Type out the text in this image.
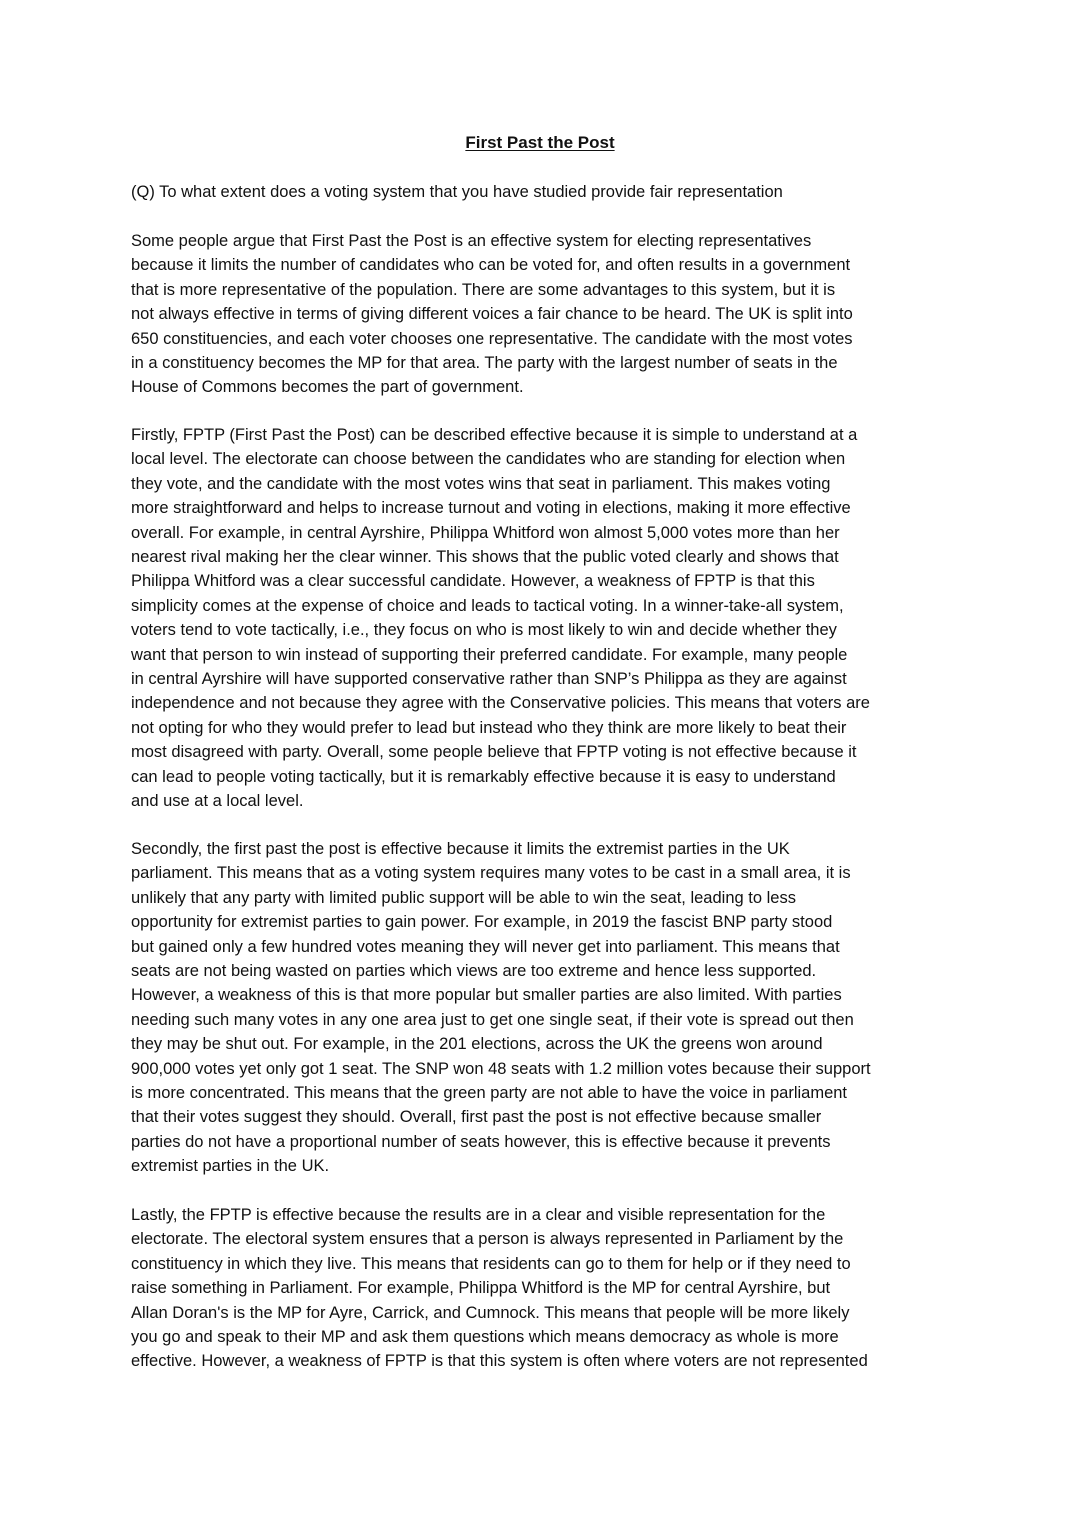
First Past the Post

(Q) To what extent does a voting system that you have studied provide fair representation

Some people argue that First Past the Post is an effective system for electing representatives
because it limits the number of candidates who can be voted for, and often results in a government
that is more representative of the population. There are some advantages to this system, but it is
not always effective in terms of giving different voices a fair chance to be heard. The UK is split into
650 constituencies, and each voter chooses one representative. The candidate with the most votes
in a constituency becomes the MP for that area. The party with the largest number of seats in the
House of Commons becomes the part of government.

Firstly, FPTP (First Past the Post) can be described effective because it is simple to understand at a
local level. The electorate can choose between the candidates who are standing for election when
they vote, and the candidate with the most votes wins that seat in parliament. This makes voting
more straightforward and helps to increase turnout and voting in elections, making it more effective
overall. For example, in central Ayrshire, Philippa Whitford won almost 5,000 votes more than her
nearest rival making her the clear winner. This shows that the public voted clearly and shows that
Philippa Whitford was a clear successful candidate. However, a weakness of FPTP is that this
simplicity comes at the expense of choice and leads to tactical voting. In a winner-take-all system,
voters tend to vote tactically, i.e., they focus on who is most likely to win and decide whether they
want that person to win instead of supporting their preferred candidate. For example, many people
in central Ayrshire will have supported conservative rather than SNP’s Philippa as they are against
independence and not because they agree with the Conservative policies. This means that voters are
not opting for who they would prefer to lead but instead who they think are more likely to beat their
most disagreed with party. Overall, some people believe that FPTP voting is not effective because it
can lead to people voting tactically, but it is remarkably effective because it is easy to understand
and use at a local level.

Secondly, the first past the post is effective because it limits the extremist parties in the UK
parliament. This means that as a voting system requires many votes to be cast in a small area, it is
unlikely that any party with limited public support will be able to win the seat, leading to less
opportunity for extremist parties to gain power. For example, in 2019 the fascist BNP party stood
but gained only a few hundred votes meaning they will never get into parliament. This means that
seats are not being wasted on parties which views are too extreme and hence less supported.
However, a weakness of this is that more popular but smaller parties are also limited. With parties
needing such many votes in any one area just to get one single seat, if their vote is spread out then
they may be shut out. For example, in the 201 elections, across the UK the greens won around
900,000 votes yet only got 1 seat. The SNP won 48 seats with 1.2 million votes because their support
is more concentrated. This means that the green party are not able to have the voice in parliament
that their votes suggest they should. Overall, first past the post is not effective because smaller
parties do not have a proportional number of seats however, this is effective because it prevents
extremist parties in the UK.

Lastly, the FPTP is effective because the results are in a clear and visible representation for the
electorate. The electoral system ensures that a person is always represented in Parliament by the
constituency in which they live. This means that residents can go to them for help or if they need to
raise something in Parliament. For example, Philippa Whitford is the MP for central Ayrshire, but
Allan Doran's is the MP for Ayre, Carrick, and Cumnock. This means that people will be more likely
you go and speak to their MP and ask them questions which means democracy as whole is more
effective. However, a weakness of FPTP is that this system is often where voters are not represented
